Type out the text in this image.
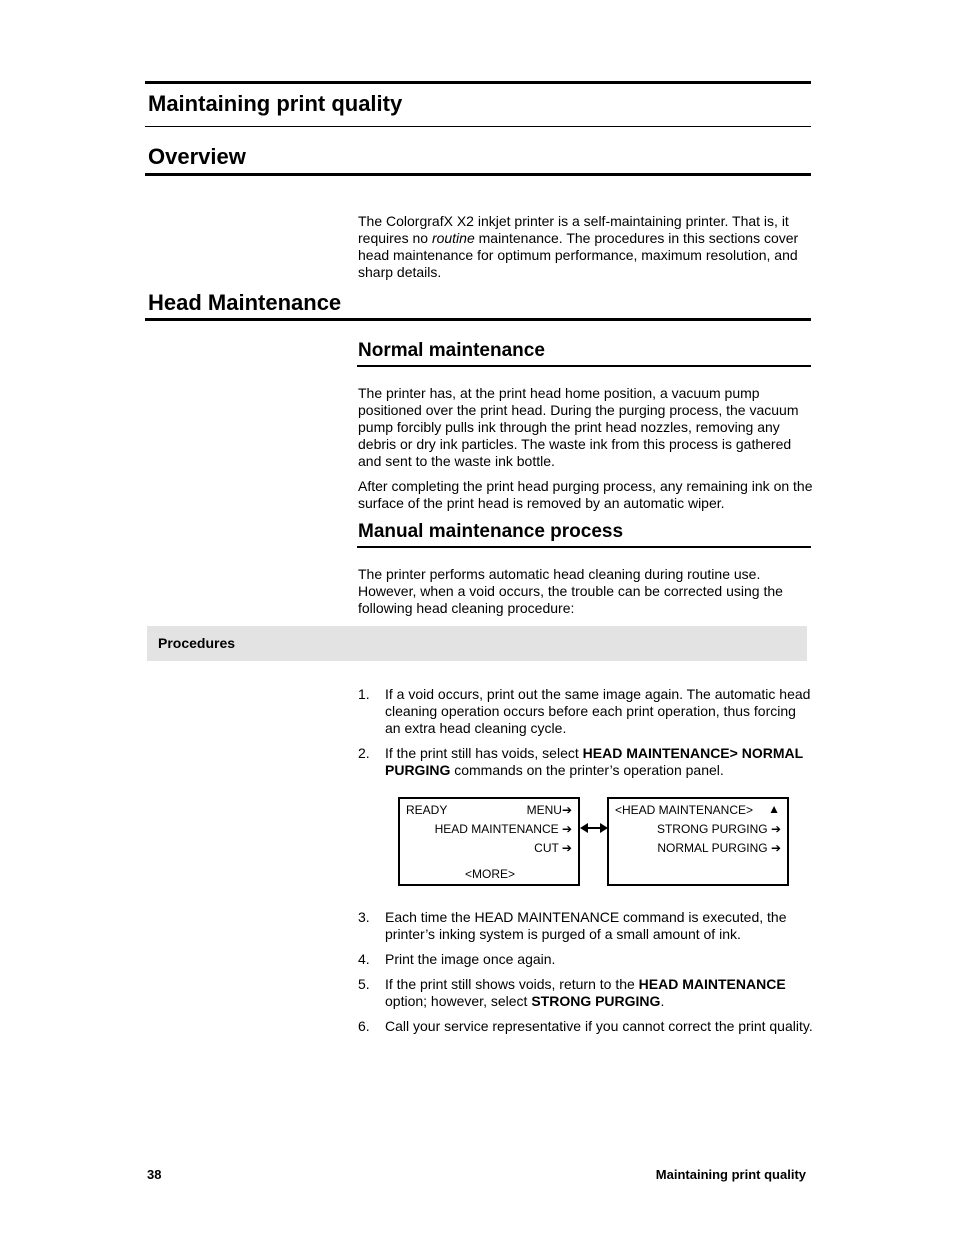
Maintaining print quality
Overview

The ColorgrafX X2 inkjet printer is a self-maintaining printer. That is, it requires no routine maintenance. The procedures in this sections cover head maintenance for optimum performance, maximum resolution, and sharp details.

Head Maintenance
Normal maintenance

The printer has, at the print head home position, a vacuum pump positioned over the print head. During the purging process, the vacuum pump forcibly pulls ink through the print head nozzles, removing any debris or dry ink particles. The waste ink from this process is gathered and sent to the waste ink bottle.

After completing the print head purging process, any remaining ink on the surface of the print head is removed by an automatic wiper.

Manual maintenance process

The printer performs automatic head cleaning during routine use. However, when a void occurs, the trouble can be corrected using the following head cleaning procedure:

Procedures
1. If a void occurs, print out the same image again. The automatic head cleaning operation occurs before each print operation, thus forcing an extra head cleaning cycle.
2. If the print still has voids, select HEAD MAINTENANCE> NORMAL PURGING commands on the printer’s operation panel.
READY	MENU➔
HEAD MAINTENANCE ➔
CUT ➔
<MORE>
<HEAD MAINTENANCE> ▲
STRONG PURGING ➔
NORMAL PURGING ➔
3. Each time the HEAD MAINTENANCE command is executed, the printer’s inking system is purged of a small amount of ink.
4. Print the image once again.
5. If the print still shows voids, return to the HEAD MAINTENANCE option; however, select STRONG PURGING.
6. Call your service representative if you cannot correct the print quality.
38	Maintaining print quality
